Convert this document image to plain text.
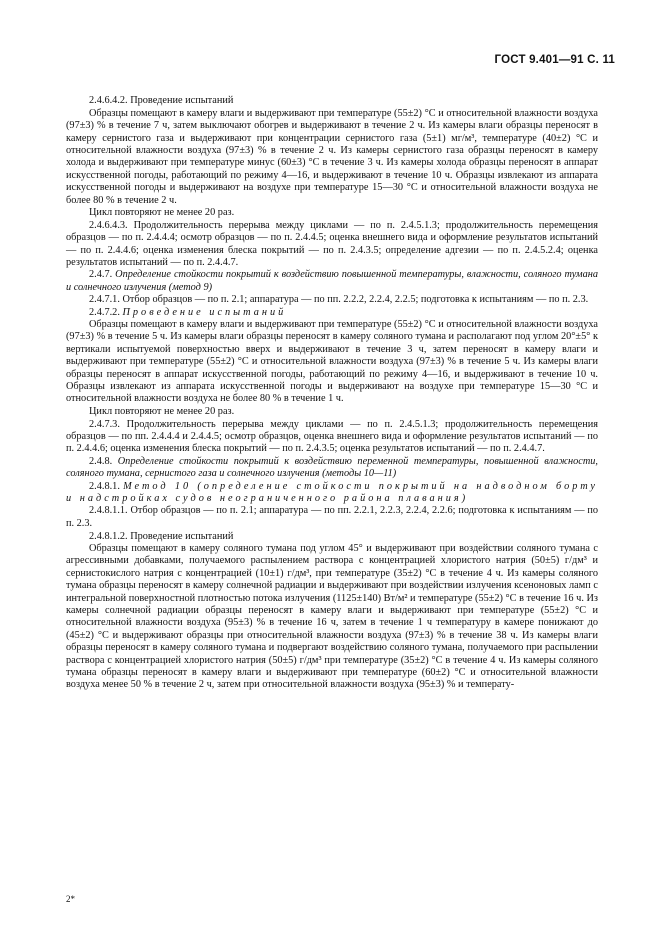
ГОСТ 9.401—91 С. 11

2.4.6.4.2. Проведение испытаний

Образцы помещают в камеру влаги и выдерживают при температуре (55±2) °С и относительной влажности воздуха (97±3) % в течение 7 ч, затем выключают обогрев и выдерживают в течение 2 ч. Из камеры влаги образцы переносят в камеру сернистого газа и выдерживают при концентрации сернистого газа (5±1) мг/м³, температуре (40±2) °С и относительной влажности воздуха (97±3) % в течение 2 ч. Из камеры сернистого газа образцы переносят в камеру холода и выдерживают при температуре минус (60±3) °С в течение 3 ч. Из камеры холода образцы переносят в аппарат искусственной погоды, работающий по режиму 4—16, и выдерживают в течение 10 ч. Образцы извлекают из аппарата искусственной погоды и выдерживают на воздухе при температуре 15—30 °С и относительной влажности воздуха не более 80 % в течение 2 ч.

Цикл повторяют не менее 20 раз.

2.4.6.4.3. Продолжительность перерыва между циклами — по п. 2.4.5.1.3; продолжительность перемещения образцов — по п. 2.4.4.4; осмотр образцов — по п. 2.4.4.5; оценка внешнего вида и оформление результатов испытаний — по п. 2.4.4.6; оценка изменения блеска покрытий — по п. 2.4.3.5; определение адгезии — по п. 2.4.5.2.4; оценка результатов испытаний — по п. 2.4.4.7.

2.4.7. Определение стойкости покрытий к воздействию повышенной температуры, влажности, соляного тумана и солнечного излучения (метод 9)

2.4.7.1. Отбор образцов — по п. 2.1; аппаратура — по пп. 2.2.2, 2.2.4, 2.2.5; подготовка к испытаниям — по п. 2.3.

2.4.7.2. Проведение испытаний

Образцы помещают в камеру влаги и выдерживают при температуре (55±2) °С и относительной влажности воздуха (97±3) % в течение 5 ч. Из камеры влаги образцы переносят в камеру соляного тумана и располагают под углом 20°±5° к вертикали испытуемой поверхностью вверх и выдерживают в течение 3 ч, затем переносят в камеру влаги и выдерживают при температуре (55±2) °С и относительной влажности воздуха (97±3) % в течение 5 ч. Из камеры влаги образцы переносят в аппарат искусственной погоды, работающий по режиму 4—16, и выдерживают в течение 10 ч. Образцы извлекают из аппарата искусственной погоды и выдерживают на воздухе при температуре 15—30 °С и относительной влажности воздуха не более 80 % в течение 1 ч.

Цикл повторяют не менее 20 раз.

2.4.7.3. Продолжительность перерыва между циклами — по п. 2.4.5.1.3; продолжительность перемещения образцов — по пп. 2.4.4.4 и 2.4.4.5; осмотр образцов, оценка внешнего вида и оформление результатов испытаний — по п. 2.4.4.6; оценка изменения блеска покрытий — по п. 2.4.3.5; оценка результатов испытаний — по п. 2.4.4.7.

2.4.8. Определение стойкости покрытий к воздействию переменной температуры, повышенной влажности, соляного тумана, сернистого газа и солнечного излучения (методы 10—11)

2.4.8.1. Метод 10 (определение стойкости покрытий на надводном борту и надстройках судов неограниченного района плавания)

2.4.8.1.1. Отбор образцов — по п. 2.1; аппаратура — по пп. 2.2.1, 2.2.3, 2.2.4, 2.2.6; подготовка к испытаниям — по п. 2.3.

2.4.8.1.2. Проведение испытаний

Образцы помещают в камеру соляного тумана под углом 45° и выдерживают при воздействии соляного тумана с агрессивными добавками, получаемого распылением раствора с концентрацией хлористого натрия (50±5) г/дм³ и сернистокислого натрия с концентрацией (10±1) г/дм³, при температуре (35±2) °С в течение 4 ч. Из камеры соляного тумана образцы переносят в камеру солнечной радиации и выдерживают при воздействии излучения ксеноновых ламп с интегральной поверхностной плотностью потока излучения (1125±140) Вт/м² и температуре (55±2) °С в течение 16 ч. Из камеры солнечной радиации образцы переносят в камеру влаги и выдерживают при температуре (55±2) °С и относительной влажности воздуха (95±3) % в течение 16 ч, затем в течение 1 ч температуру в камере понижают до (45±2) °С и выдерживают образцы при относительной влажности воздуха (97±3) % в течение 38 ч. Из камеры влаги образцы переносят в камеру соляного тумана и подвергают воздействию соляного тумана, получаемого при распылении раствора с концентрацией хлористого натрия (50±5) г/дм³ при температуре (35±2) °С в течение 4 ч. Из камеры соляного тумана образцы переносят в камеру влаги и выдерживают при температуре (60±2) °С и относительной влажности воздуха менее 50 % в течение 2 ч, затем при относительной влажности воздуха (95±3) % и температу-

2*
